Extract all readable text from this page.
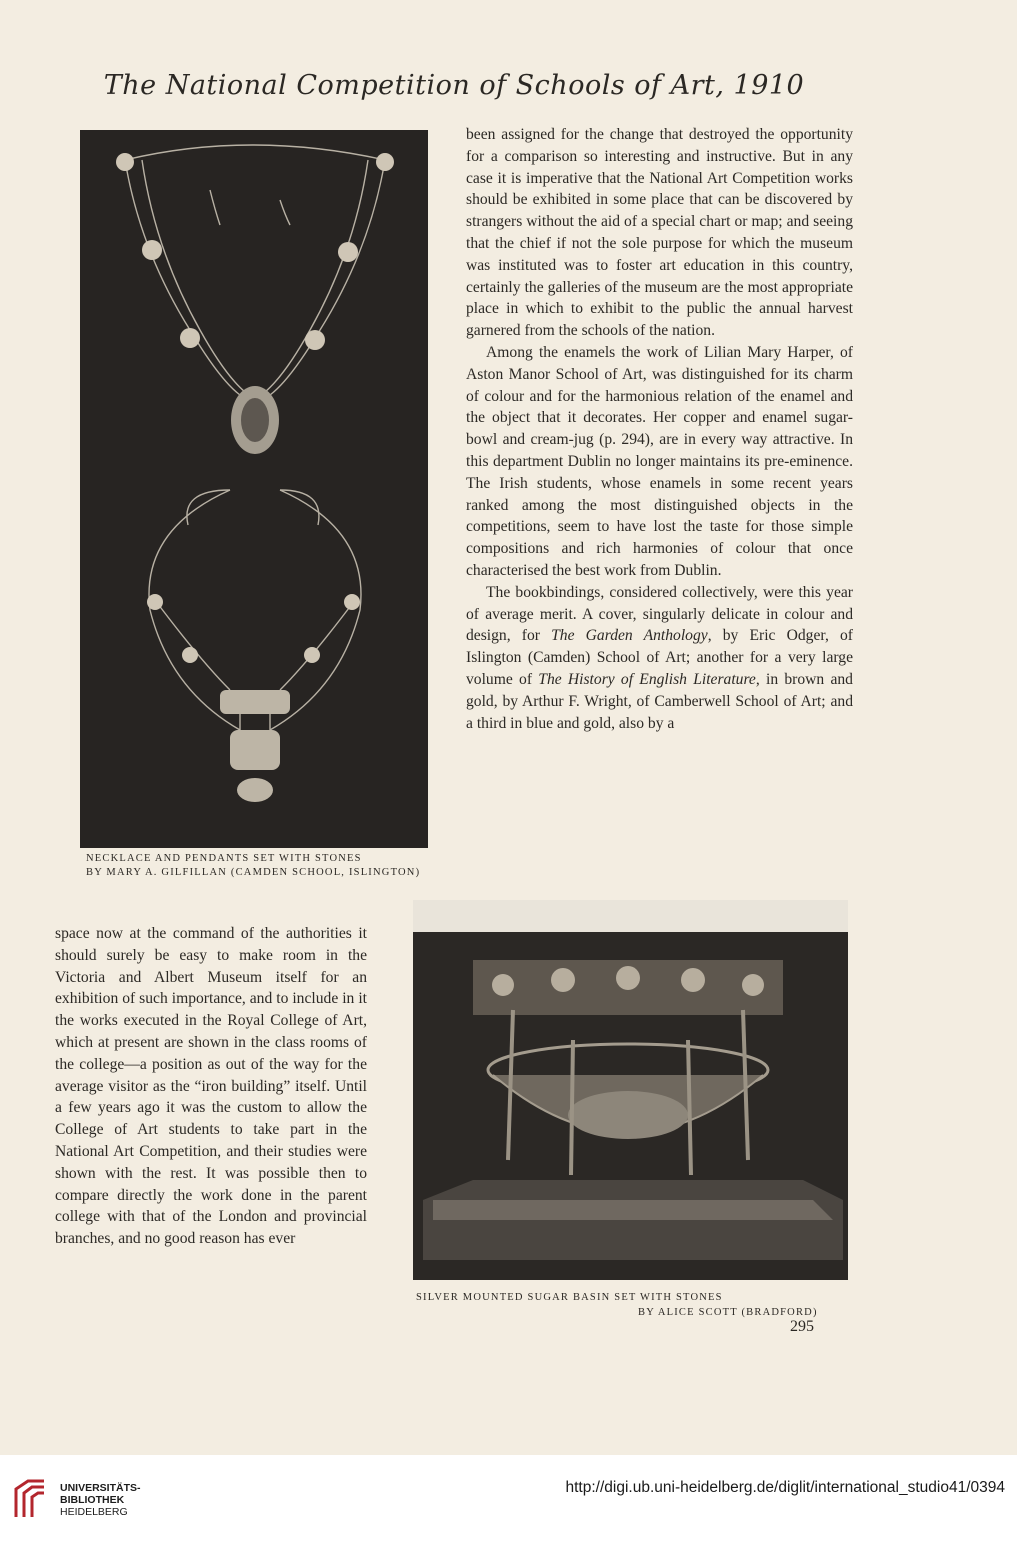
The National Competition of Schools of Art, 1910
NECKLACE AND PENDANTS SET WITH STONES
BY MARY A. GILFILLAN (CAMDEN SCHOOL, ISLINGTON)

been assigned for the change that destroyed the opportunity for a comparison so interesting and instructive. But in any case it is imperative that the National Art Competition works should be exhibited in some place that can be discovered by strangers without the aid of a special chart or map; and seeing that the chief if not the sole purpose for which the museum was instituted was to foster art education in this country, certainly the galleries of the museum are the most appropriate place in which to exhibit to the public the annual harvest garnered from the schools of the nation.

Among the enamels the work of Lilian Mary Harper, of Aston Manor School of Art, was distinguished for its charm of colour and for the harmonious relation of the enamel and the object that it decorates. Her copper and enamel sugar-bowl and cream-jug (p. 294), are in every way attractive. In this department Dublin no longer maintains its pre-eminence. The Irish students, whose enamels in some recent years ranked among the most distinguished objects in the competitions, seem to have lost the taste for those simple compositions and rich harmonies of colour that once characterised the best work from Dublin.

The bookbindings, considered collectively, were this year of average merit. A cover, singularly delicate in colour and design, for The Garden Anthology, by Eric Odger, of Islington (Camden) School of Art; another for a very large volume of The History of English Literature, in brown and gold, by Arthur F. Wright, of Camberwell School of Art; and a third in blue and gold, also by a

space now at the command of the authorities it should surely be easy to make room in the Victoria and Albert Museum itself for an exhibition of such importance, and to include in it the works executed in the Royal College of Art, which at present are shown in the class rooms of the college—a position as out of the way for the average visitor as the “iron building” itself. Until a few years ago it was the custom to allow the College of Art students to take part in the National Art Competition, and their studies were shown with the rest. It was possible then to compare directly the work done in the parent college with that of the London and provincial branches, and no good reason has ever

SILVER MOUNTED SUGAR BASIN SET WITH STONES
BY ALICE SCOTT (BRADFORD)
295
UNIVERSITÄTS-
BIBLIOTHEK
HEIDELBERG
http://digi.ub.uni-heidelberg.de/diglit/international_studio41/0394
